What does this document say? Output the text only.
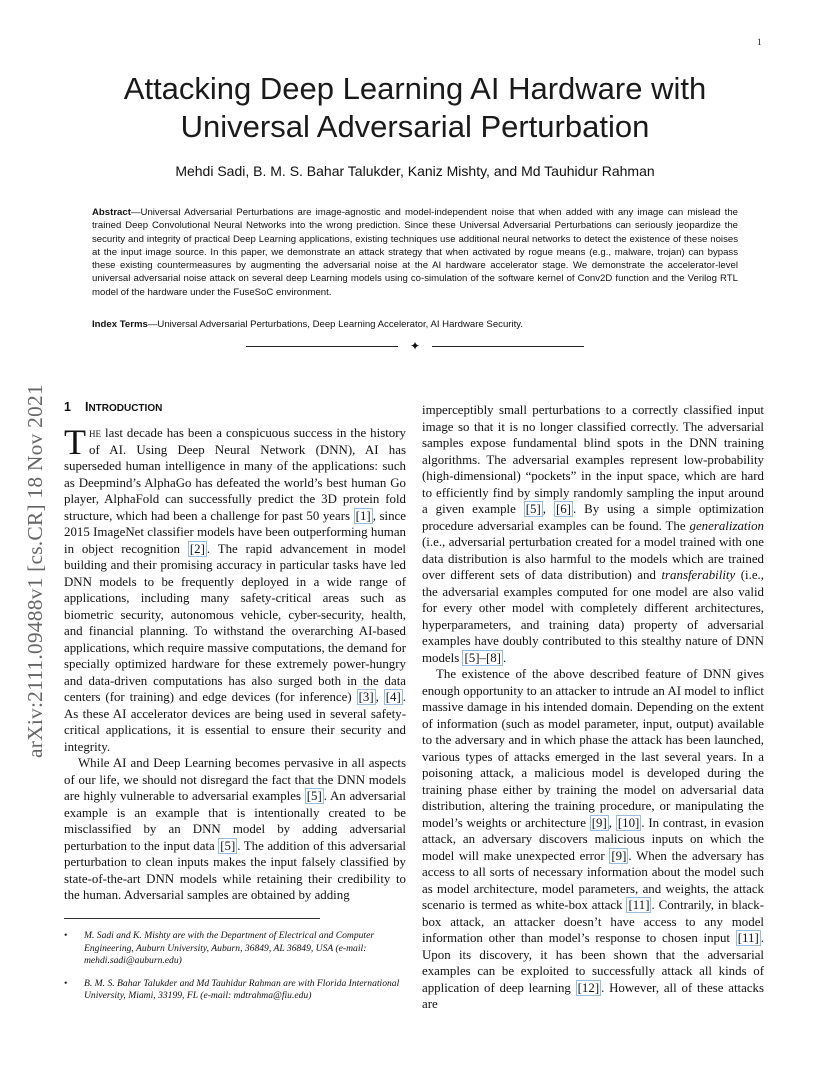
1
arXiv:2111.09488v1 [cs.CR] 18 Nov 2021
Attacking Deep Learning AI Hardware with
Universal Adversarial Perturbation
Mehdi Sadi, B. M. S. Bahar Talukder, Kaniz Mishty, and Md Tauhidur Rahman
Abstract—Universal Adversarial Perturbations are image-agnostic and model-independent noise that when added with any image can mislead the trained Deep Convolutional Neural Networks into the wrong prediction. Since these Universal Adversarial Perturbations can seriously jeopardize the security and integrity of practical Deep Learning applications, existing techniques use additional neural networks to detect the existence of these noises at the input image source. In this paper, we demonstrate an attack strategy that when activated by rogue means (e.g., malware, trojan) can bypass these existing countermeasures by augmenting the adversarial noise at the AI hardware accelerator stage. We demonstrate the accelerator-level universal adversarial noise attack on several deep Learning models using co-simulation of the software kernel of Conv2D function and the Verilog RTL model of the hardware under the FuseSoC environment.
Index Terms—Universal Adversarial Perturbations, Deep Learning Accelerator, AI Hardware Security.
✦
1 INTRODUCTION

The last decade has been a conspicuous success in the history of AI. Using Deep Neural Network (DNN), AI has superseded human intelligence in many of the applications: such as Deepmind’s AlphaGo has defeated the world’s best human Go player, AlphaFold can successfully predict the 3D protein fold structure, which had been a challenge for past 50 years [1] , since 2015 ImageNet classifier models have been outperforming human in object recognition [2] . The rapid advancement in model building and their promising accuracy in particular tasks have led DNN models to be frequently deployed in a wide range of applications, including many safety-critical areas such as biometric security, autonomous vehicle, cyber-security, health, and financial planning. To withstand the overarching AI-based applications, which require massive computations, the demand for specially optimized hardware for these extremely power-hungry and data-driven computations has also surged both in the data centers (for training) and edge devices (for inference) [3] , [4] . As these AI accelerator devices are being used in several safety-critical applications, it is essential to ensure their security and integrity.

While AI and Deep Learning becomes pervasive in all aspects of our life, we should not disregard the fact that the DNN models are highly vulnerable to adversarial examples [5] . An adversarial example is an example that is intentionally created to be misclassified by an DNN model by adding adversarial perturbation to the input data [5] . The addition of this adversarial perturbation to clean inputs makes the input falsely classified by state-of-the-art DNN models while retaining their credibility to the human. Adversarial samples are obtained by adding

• M. Sadi and K. Mishty are with the Department of Electrical and Computer Engineering, Auburn University, Auburn, 36849, AL 36849, USA (e-mail: mehdi.sadi@auburn.edu)
• B. M. S. Bahar Talukder and Md Tauhidur Rahman are with Florida International University, Miami, 33199, FL (e-mail: mdtrahma@fiu.edu)

imperceptibly small perturbations to a correctly classified input image so that it is no longer classified correctly. The adversarial samples expose fundamental blind spots in the DNN training algorithms. The adversarial examples represent low-probability (high-dimensional) “pockets” in the input space, which are hard to efficiently find by simply randomly sampling the input around a given example [5] , [6] . By using a simple optimization procedure adversarial examples can be found. The generalization (i.e., adversarial perturbation created for a model trained with one data distribution is also harmful to the models which are trained over different sets of data distribution) and transferability (i.e., the adversarial examples computed for one model are also valid for every other model with completely different architectures, hyperparameters, and training data) property of adversarial examples have doubly contributed to this stealthy nature of DNN models [5]–[8] .

The existence of the above described feature of DNN gives enough opportunity to an attacker to intrude an AI model to inflict massive damage in his intended domain. Depending on the extent of information (such as model parameter, input, output) available to the adversary and in which phase the attack has been launched, various types of attacks emerged in the last several years. In a poisoning attack, a malicious model is developed during the training phase either by training the model on adversarial data distribution, altering the training procedure, or manipulating the model’s weights or architecture [9] , [10] . In contrast, in evasion attack, an adversary discovers malicious inputs on which the model will make unexpected error [9] . When the adversary has access to all sorts of necessary information about the model such as model architecture, model parameters, and weights, the attack scenario is termed as white-box attack [11] . Contrarily, in black-box attack, an attacker doesn’t have access to any model information other than model’s response to chosen input [11] . Upon its discovery, it has been shown that the adversarial examples can be exploited to successfully attack all kinds of application of deep learning [12] . However, all of these attacks are
